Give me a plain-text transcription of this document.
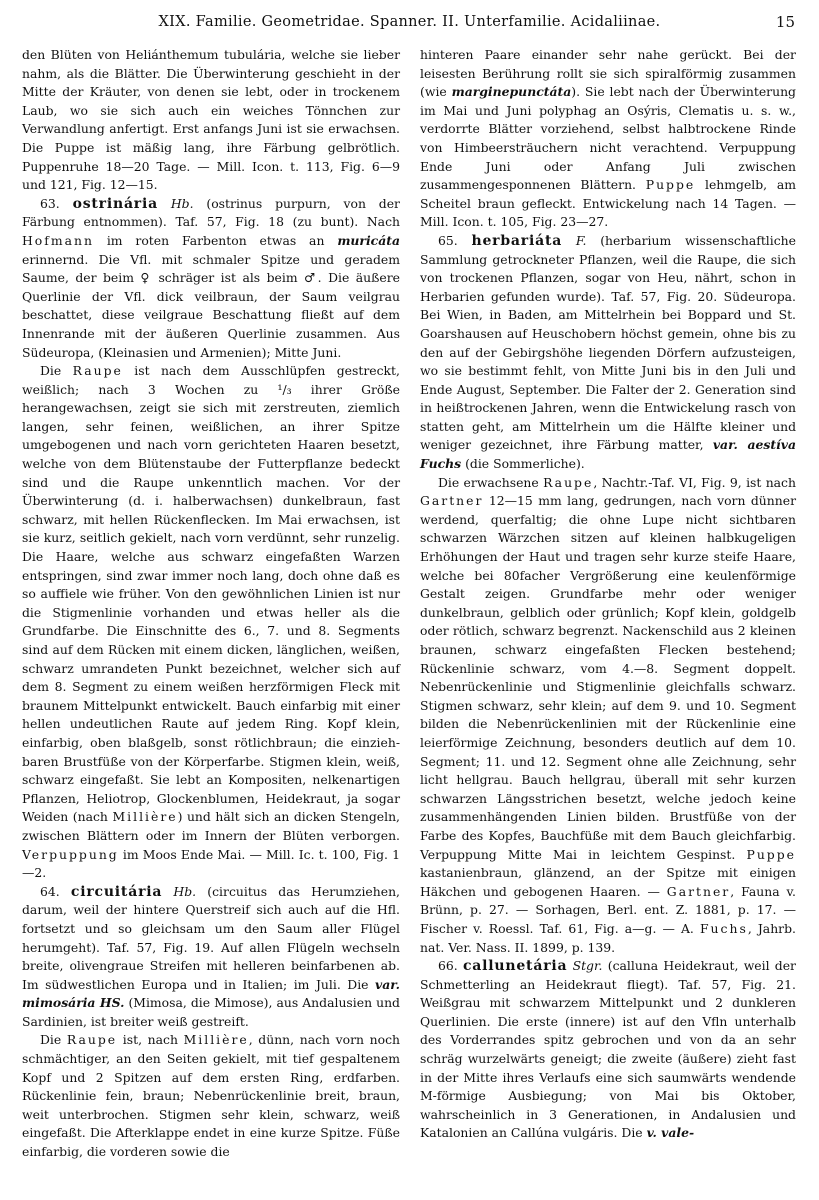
XIX. Familie. Geometridae. Spanner. II. Unterfamilie. Acidaliinae.	15

den Blüten von Heliánthemum tubulária, welche sie lieber nahm, als die Blätter. Die Überwinterung geschieht in der Mitte der Kräuter, von denen sie lebt, oder in trockenem Laub, wo sie sich auch ein weiches Tönnchen zur Verwandlung anfertigt. Erst anfangs Juni ist sie erwachsen. Die Puppe ist mäßig lang, ihre Färbung gelbrötlich. Puppenruhe 18—20 Tage. — Mill. Icon. t. 113, Fig. 6—9 und 121, Fig. 12—15.

63. ostrinária Hb. (ostrinus purpurn, von der Färbung entnommen). Taf. 57, Fig. 18 (zu bunt). Nach Hofmann im roten Farbenton etwas an muricáta erinnernd. Die Vfl. mit schmaler Spitze und geradem Saume, der beim ♀ schräger ist als beim ♂. Die äußere Querlinie der Vfl. dick veilbraun, der Saum veilgrau beschattet, diese veilgraue Beschattung fließt auf dem Innenrande mit der äußeren Querlinie zusammen. Aus Südeuropa, (Kleinasien und Armenien); Mitte Juni.

Die Raupe ist nach dem Ausschlüpfen gestreckt, weißlich; nach 3 Wochen zu ¹/₃ ihrer Größe herangewachsen, zeigt sie sich mit zerstreuten, ziemlich langen, sehr feinen, weißlichen, an ihrer Spitze umgebogenen und nach vorn gerichteten Haaren besetzt, welche von dem Blütenstaube der Futterpflanze bedeckt sind und die Raupe unkenntlich machen. Vor der Überwinterung (d. i. halberwachsen) dunkelbraun, fast schwarz, mit hellen Rückenflecken. Im Mai erwachsen, ist sie kurz, seitlich gekielt, nach vorn verdünnt, sehr runzelig. Die Haare, welche aus schwarz eingefaßten Warzen entspringen, sind zwar immer noch lang, doch ohne daß es so auffiele wie früher. Von den gewöhnlichen Linien ist nur die Stigmenlinie vorhanden und etwas heller als die Grundfarbe. Die Einschnitte des 6., 7. und 8. Segments sind auf dem Rücken mit einem dicken, länglichen, weißen, schwarz umrandeten Punkt bezeichnet, welcher sich auf dem 8. Segment zu einem weißen herzförmigen Fleck mit braunem Mittelpunkt entwickelt. Bauch einfarbig mit einer hellen undeutlichen Raute auf jedem Ring. Kopf klein, einfarbig, oben blaßgelb, sonst rötlichbraun; die einziehbaren Brustfüße von der Körperfarbe. Stigmen klein, weiß, schwarz eingefaßt. Sie lebt an Kompositen, nelkenartigen Pflanzen, Heliotrop, Glockenblumen, Heidekraut, ja sogar Weiden (nach Millière) und hält sich an dicken Stengeln, zwischen Blättern oder im Innern der Blüten verborgen. Verpuppung im Moos Ende Mai. — Mill. Ic. t. 100, Fig. 1—2.

64. circuitária Hb. (circuitus das Herumziehen, darum, weil der hintere Querstreif sich auch auf die Hfl. fortsetzt und so gleichsam um den Saum aller Flügel herumgeht). Taf. 57, Fig. 19. Auf allen Flügeln wechseln breite, olivengraue Streifen mit helleren beinfarbenen ab. Im südwestlichen Europa und in Italien; im Juli. Die var. mimosária HS. (Mimosa, die Mimose), aus Andalusien und Sardinien, ist breiter weiß gestreift.

Die Raupe ist, nach Millière, dünn, nach vorn noch schmächtiger, an den Seiten gekielt, mit tief gespaltenem Kopf und 2 Spitzen auf dem ersten Ring, erdfarben. Rückenlinie fein, braun; Nebenrückenlinie breit, braun, weit unterbrochen. Stigmen sehr klein, schwarz, weiß eingefaßt. Die Afterklappe endet in eine kurze Spitze. Füße einfarbig, die vorderen sowie die

hinteren Paare einander sehr nahe gerückt. Bei der leisesten Berührung rollt sie sich spiralförmig zusammen (wie marginepunctáta). Sie lebt nach der Überwinterung im Mai und Juni polyphag an Osýris, Clematis u. s. w., verdorrte Blätter vorziehend, selbst halbtrockene Rinde von Himbeersträuchern nicht verachtend. Verpuppung Ende Juni oder Anfang Juli zwischen zusammengesponnenen Blättern. Puppe lehmgelb, am Scheitel braun gefleckt. Entwickelung nach 14 Tagen. — Mill. Icon. t. 105, Fig. 23—27.

65. herbariáta F. (herbarium wissenschaftliche Sammlung getrockneter Pflanzen, weil die Raupe, die sich von trockenen Pflanzen, sogar von Heu, nährt, schon in Herbarien gefunden wurde). Taf. 57, Fig. 20. Südeuropa. Bei Wien, in Baden, am Mittelrhein bei Boppard und St. Goarshausen auf Heuschobern höchst gemein, ohne bis zu den auf der Gebirgshöhe liegenden Dörfern aufzusteigen, wo sie bestimmt fehlt, von Mitte Juni bis in den Juli und Ende August, September. Die Falter der 2. Generation sind in heißtrockenen Jahren, wenn die Entwickelung rasch von statten geht, am Mittelrhein um die Hälfte kleiner und weniger gezeichnet, ihre Färbung matter, var. aestíva Fuchs (die Sommerliche).

Die erwachsene Raupe, Nachtr.-Taf. VI, Fig. 9, ist nach Gartner 12—15 mm lang, gedrungen, nach vorn dünner werdend, querfaltig; die ohne Lupe nicht sichtbaren schwarzen Wärzchen sitzen auf kleinen halbkugeligen Erhöhungen der Haut und tragen sehr kurze steife Haare, welche bei 80facher Vergrößerung eine keulenförmige Gestalt zeigen. Grundfarbe mehr oder weniger dunkelbraun, gelblich oder grünlich; Kopf klein, goldgelb oder rötlich, schwarz begrenzt. Nackenschild aus 2 kleinen braunen, schwarz eingefaßten Flecken bestehend; Rückenlinie schwarz, vom 4.—8. Segment doppelt. Nebenrückenlinie und Stigmenlinie gleichfalls schwarz. Stigmen schwarz, sehr klein; auf dem 9. und 10. Segment bilden die Nebenrückenlinien mit der Rückenlinie eine leierförmige Zeichnung, besonders deutlich auf dem 10. Segment; 11. und 12. Segment ohne alle Zeichnung, sehr licht hellgrau. Bauch hellgrau, überall mit sehr kurzen schwarzen Längsstrichen besetzt, welche jedoch keine zusammenhängenden Linien bilden. Brustfüße von der Farbe des Kopfes, Bauchfüße mit dem Bauch gleichfarbig. Verpuppung Mitte Mai in leichtem Gespinst. Puppe kastanienbraun, glänzend, an der Spitze mit einigen Häkchen und gebogenen Haaren. — Gartner, Fauna v. Brünn, p. 27. — Sorhagen, Berl. ent. Z. 1881, p. 17. — Fischer v. Roessl. Taf. 61, Fig. a—g. — A. Fuchs, Jahrb. nat. Ver. Nass. II. 1899, p. 139.

66. callunetária Stgr. (calluna Heidekraut, weil der Schmetterling an Heidekraut fliegt). Taf. 57, Fig. 21. Weißgrau mit schwarzem Mittelpunkt und 2 dunkleren Querlinien. Die erste (innere) ist auf den Vfln unterhalb des Vorderrandes spitz gebrochen und von da an sehr schräg wurzelwärts geneigt; die zweite (äußere) zieht fast in der Mitte ihres Verlaufs eine sich saumwärts wendende M-förmige Ausbiegung; von Mai bis Oktober, wahrscheinlich in 3 Generationen, in Andalusien und Katalonien an Callúna vulgáris. Die v. vale-
